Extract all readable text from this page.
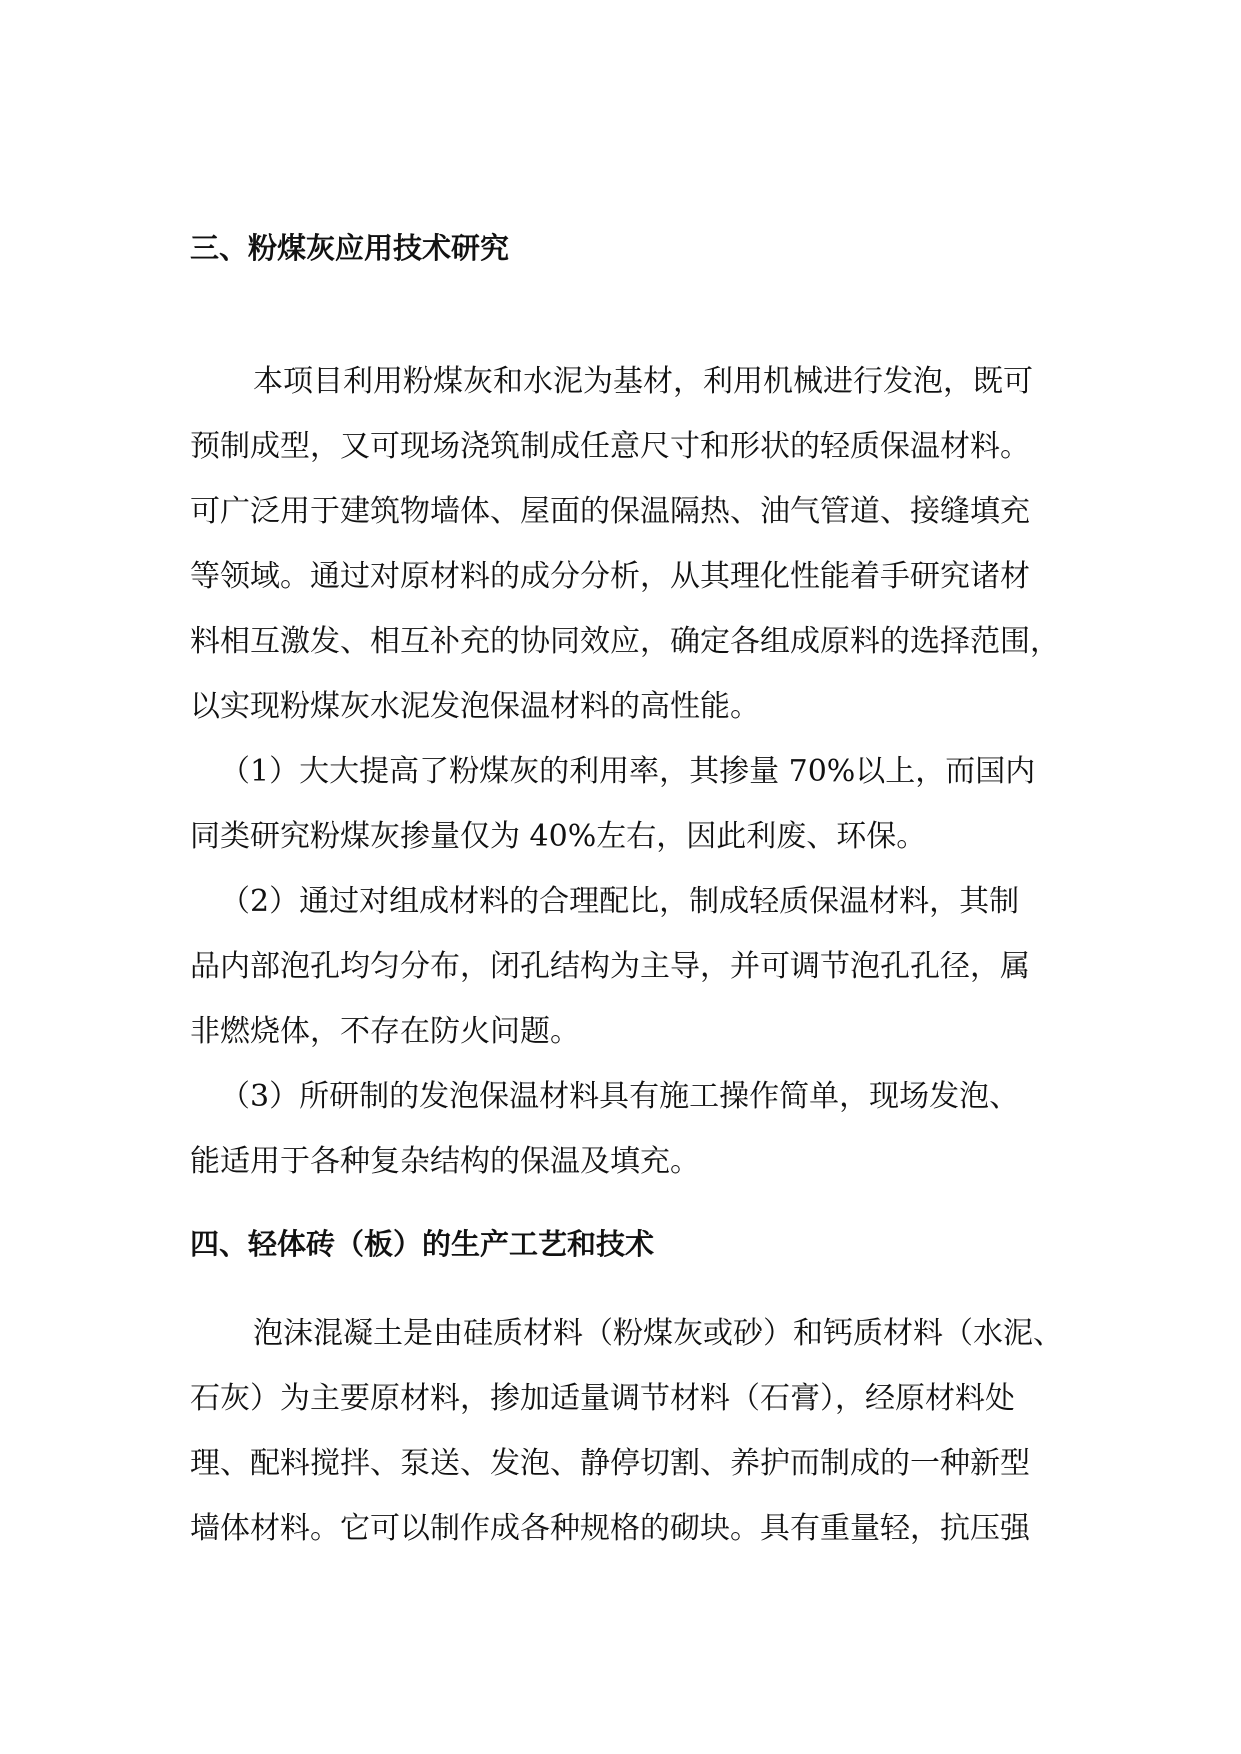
三、粉煤灰应用技术研究

本项目利用粉煤灰和水泥为基材，利用机械进行发泡，既可

预制成型，又可现场浇筑制成任意尺寸和形状的轻质保温材料。

可广泛用于建筑物墙体、屋面的保温隔热、油气管道、接缝填充

等领域。通过对原材料的成分分析，从其理化性能着手研究诸材

料相互激发、相互补充的协同效应，确定各组成原料的选择范围，

以实现粉煤灰水泥发泡保温材料的高性能。

（1）大大提高了粉煤灰的利用率，其掺量 70%以上，而国内

同类研究粉煤灰掺量仅为 40%左右，因此利废、环保。

（2）通过对组成材料的合理配比，制成轻质保温材料，其制

品内部泡孔均匀分布，闭孔结构为主导，并可调节泡孔孔径，属

非燃烧体，不存在防火问题。

（3）所研制的发泡保温材料具有施工操作简单，现场发泡、

能适用于各种复杂结构的保温及填充。

四、轻体砖（板）的生产工艺和技术

泡沫混凝土是由硅质材料（粉煤灰或砂）和钙质材料（水泥、

石灰）为主要原材料，掺加适量调节材料（石膏），经原材料处

理、配料搅拌、泵送、发泡、静停切割、养护而制成的一种新型

墙体材料。它可以制作成各种规格的砌块。具有重量轻，抗压强
